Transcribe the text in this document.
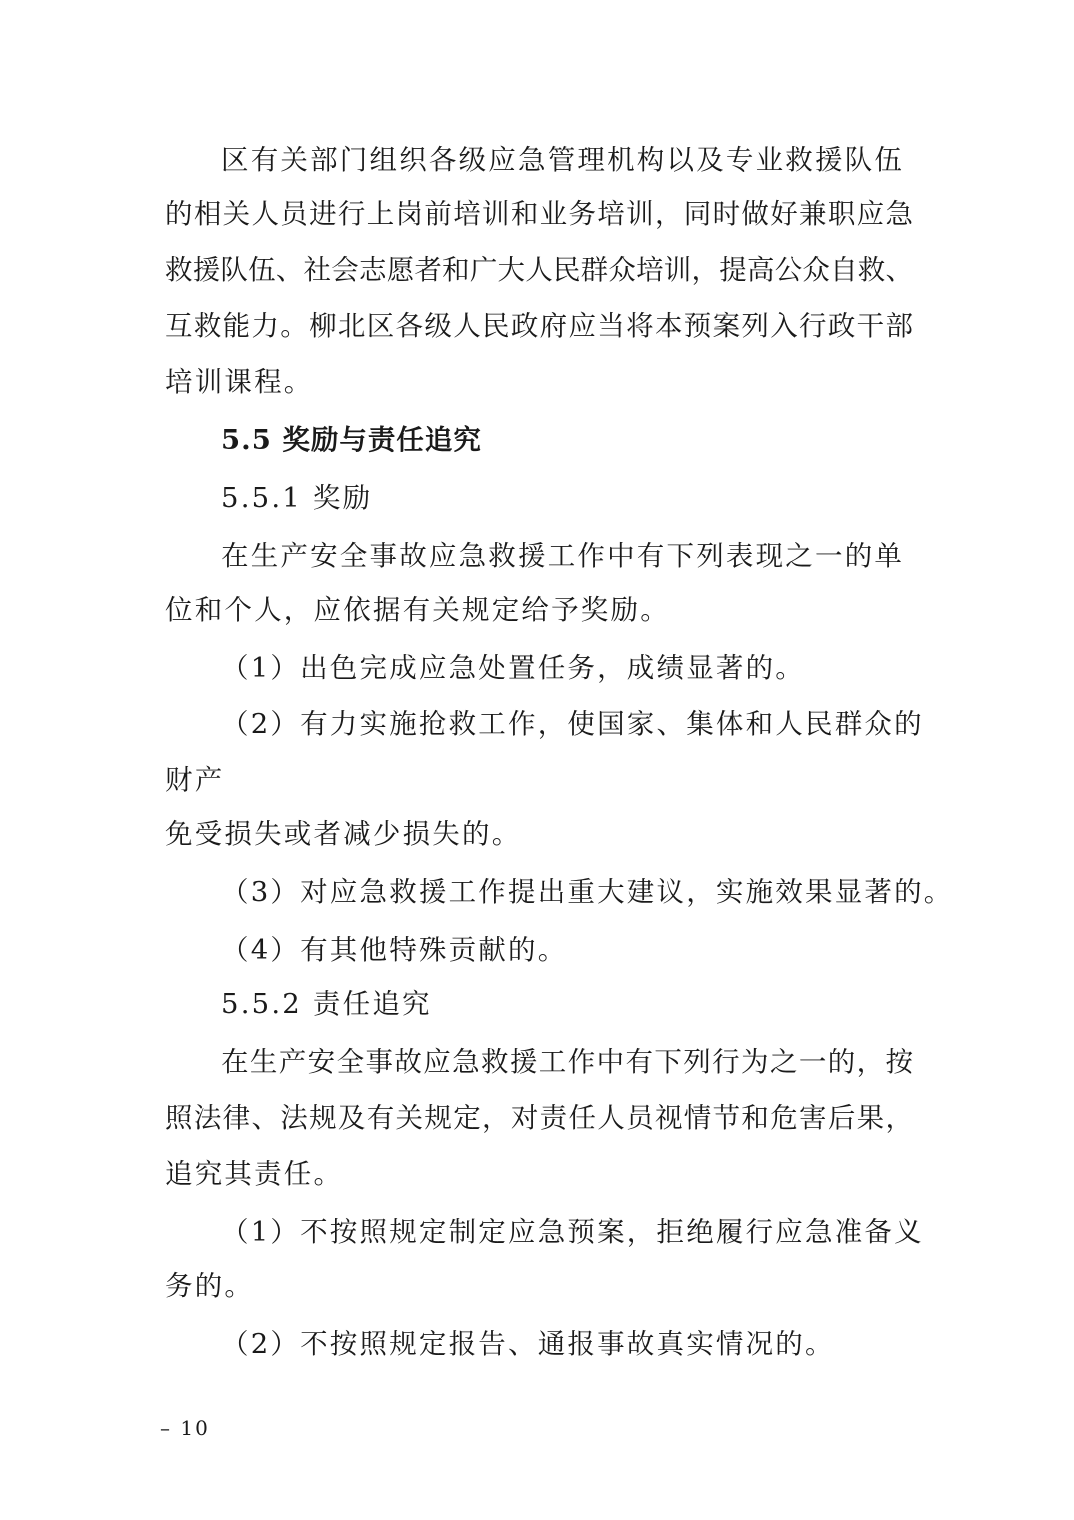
区有关部门组织各级应急管理机构以及专业救援队伍
的相关人员进行上岗前培训和业务培训，同时做好兼职应急
救援队伍、社会志愿者和广大人民群众培训，提高公众自救、
互救能力。柳北区各级人民政府应当将本预案列入行政干部
培训课程。
5.5 奖励与责任追究
5.5.1 奖励
在生产安全事故应急救援工作中有下列表现之一的单
位和个人，应依据有关规定给予奖励。
（1）出色完成应急处置任务，成绩显著的。
（2）有力实施抢救工作，使国家、集体和人民群众的
财产
免受损失或者减少损失的。
（3）对应急救援工作提出重大建议，实施效果显著的。
（4）有其他特殊贡献的。
5.5.2 责任追究
在生产安全事故应急救援工作中有下列行为之一的，按
照法律、法规及有关规定，对责任人员视情节和危害后果，
追究其责任。
（1）不按照规定制定应急预案，拒绝履行应急准备义
务的。
（2）不按照规定报告、通报事故真实情况的。
– 10
